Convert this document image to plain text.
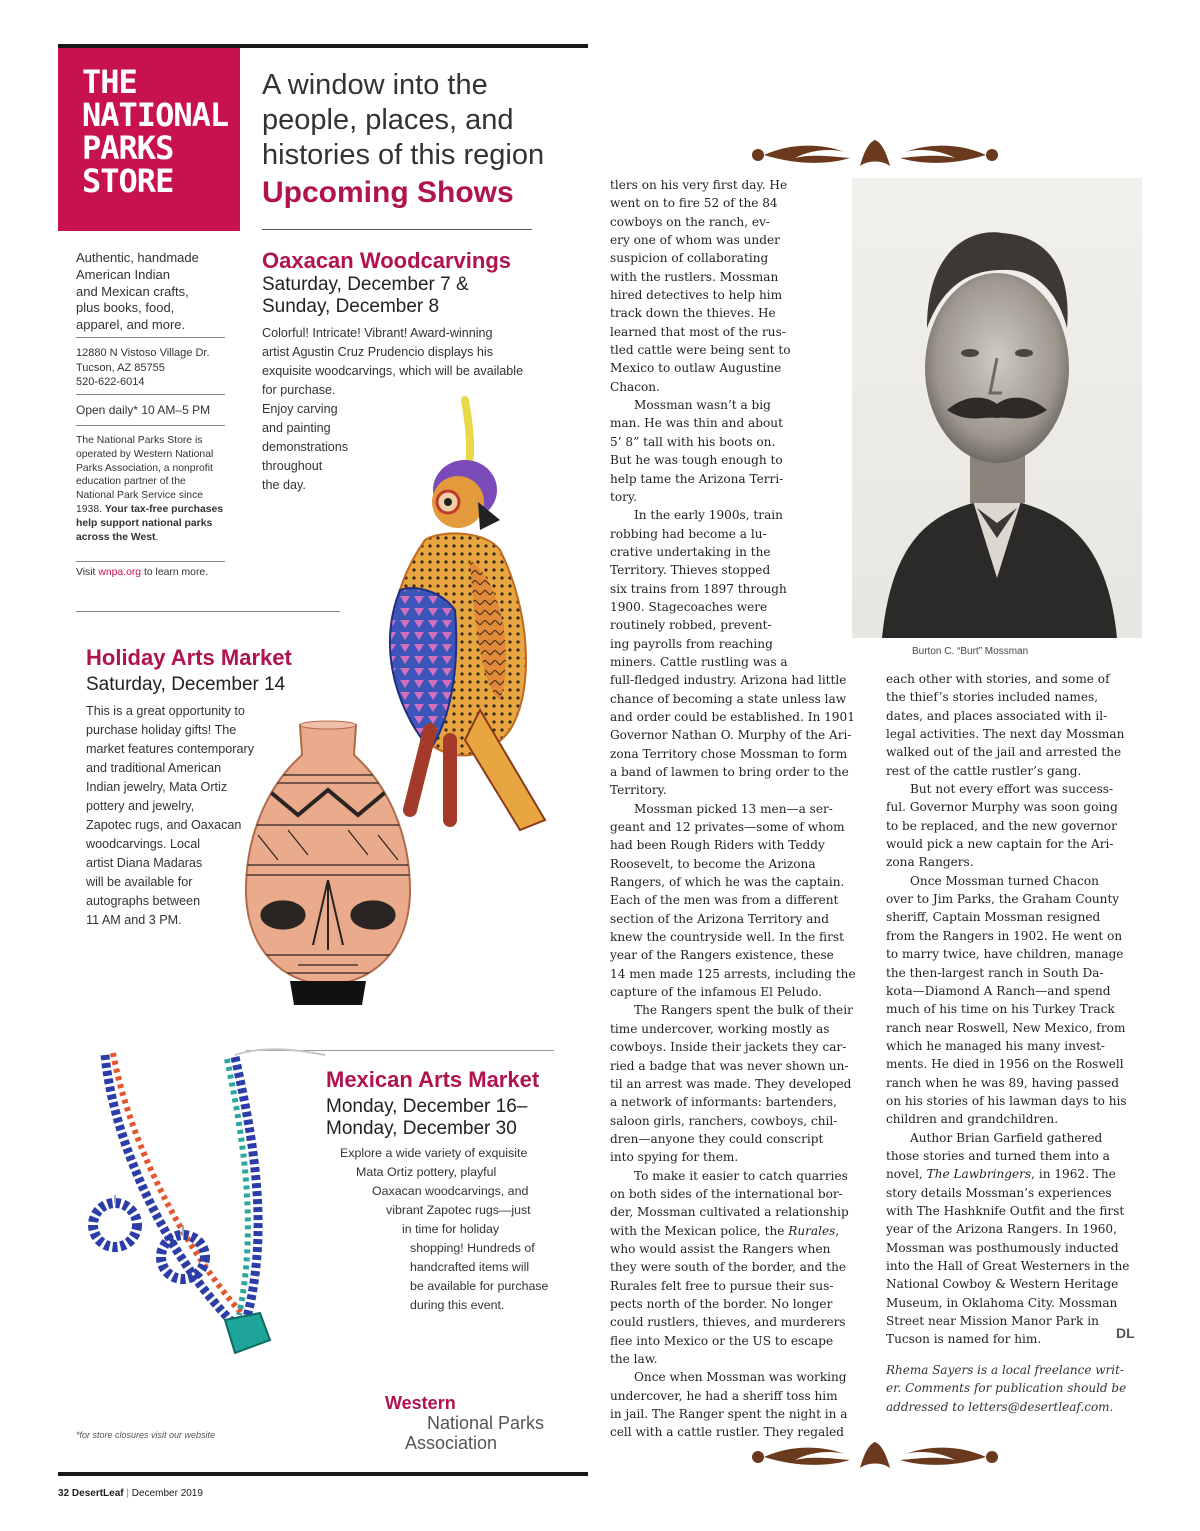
THE
NATIONAL
PARKS
STORE
Authentic, handmade
American Indian
and Mexican crafts,
plus books, food,
apparel, and more.
12880 N Vistoso Village Dr.
Tucson, AZ 85755
520-622-6014
Open daily* 10 AM–5 PM
The National Parks Store is operated by Western National Parks Association, a nonprofit education partner of the National Park Service since 1938. Your tax-free purchases help support national parks across the West.
Visit wnpa.org to learn more.
A window into the
people, places, and
histories of this region
Upcoming Shows
Oaxacan Woodcarvings
Saturday, December 7 &
Sunday, December 8
Colorful! Intricate! Vibrant! Award-winning
artist Agustin Cruz Prudencio displays his
exquisite woodcarvings, which will be available
for purchase.
Enjoy carving
and painting
demonstrations
throughout
the day.
Holiday Arts Market
Saturday, December 14
This is a great opportunity to
purchase holiday gifts! The
market features contemporary
and traditional American
Indian jewelry, Mata Ortiz
pottery and jewelry,
Zapotec rugs, and Oaxacan
woodcarvings. Local
artist Diana Madaras
will be available for
autographs between
11 AM and 3 PM.
Mexican Arts Market
Monday, December 16–
Monday, December 30
Explore a wide variety of exquisite
Mata Ortiz pottery, playful
Oaxacan woodcarvings, and
vibrant Zapotec rugs—just
in time for holiday
shopping! Hundreds of
handcrafted items will
be available for purchase
during this event.
Western
National Parks
Association
*for store closures visit our website
32 DesertLeaf | December 2019
Burton C. “Burt” Mossman

tlers on his very first day. He
went on to fire 52 of the 84
cowboys on the ranch, ev-
ery one of whom was under
suspicion of collaborating
with the rustlers. Mossman
hired detectives to help him
track down the thieves. He
learned that most of the rus-
tled cattle were being sent to
Mexico to outlaw Augustine
Chacon.

Mossman wasn’t a big
man. He was thin and about
5’ 8” tall with his boots on.
But he was tough enough to
help tame the Arizona Terri-
tory.

In the early 1900s, train
robbing had become a lu-
crative undertaking in the
Territory. Thieves stopped
six trains from 1897 through
1900. Stagecoaches were
routinely robbed, prevent-
ing payrolls from reaching
miners. Cattle rustling was a
full-fledged industry. Arizona had little
chance of becoming a state unless law
and order could be established. In 1901
Governor Nathan O. Murphy of the Ari-
zona Territory chose Mossman to form
a band of lawmen to bring order to the
Territory.

Mossman picked 13 men—a ser-
geant and 12 privates—some of whom
had been Rough Riders with Teddy
Roosevelt, to become the Arizona
Rangers, of which he was the captain.
Each of the men was from a different
section of the Arizona Territory and
knew the countryside well. In the first
year of the Rangers existence, these
14 men made 125 arrests, including the
capture of the infamous El Peludo.

The Rangers spent the bulk of their
time undercover, working mostly as
cowboys. Inside their jackets they car-
ried a badge that was never shown un-
til an arrest was made. They developed
a network of informants: bartenders,
saloon girls, ranchers, cowboys, chil-
dren—anyone they could conscript
into spying for them.

To make it easier to catch quarries
on both sides of the international bor-
der, Mossman cultivated a relationship
with the Mexican police, the Rurales,
who would assist the Rangers when
they were south of the border, and the
Rurales felt free to pursue their sus-
pects north of the border. No longer
could rustlers, thieves, and murderers
flee into Mexico or the US to escape
the law.

Once when Mossman was working
undercover, he had a sheriff toss him
in jail. The Ranger spent the night in a
cell with a cattle rustler. They regaled

each other with stories, and some of
the thief’s stories included names,
dates, and places associated with il-
legal activities. The next day Mossman
walked out of the jail and arrested the
rest of the cattle rustler’s gang.

But not every effort was success-
ful. Governor Murphy was soon going
to be replaced, and the new governor
would pick a new captain for the Ari-
zona Rangers.

Once Mossman turned Chacon
over to Jim Parks, the Graham County
sheriff, Captain Mossman resigned
from the Rangers in 1902. He went on
to marry twice, have children, manage
the then-largest ranch in South Da-
kota—Diamond A Ranch—and spend
much of his time on his Turkey Track
ranch near Roswell, New Mexico, from
which he managed his many invest-
ments. He died in 1956 on the Roswell
ranch when he was 89, having passed
on his stories of his lawman days to his
children and grandchildren.

Author Brian Garfield gathered
those stories and turned them into a
novel, The Lawbringers, in 1962. The
story details Mossman’s experiences
with The Hashknife Outfit and the first
year of the Arizona Rangers. In 1960,
Mossman was posthumously inducted
into the Hall of Great Westerners in the
National Cowboy & Western Heritage
Museum, in Oklahoma City. Mossman
Street near Mission Manor Park in
Tucson is named for him.	DL
Rhema Sayers is a local freelance writ-
er. Comments for publication should be
addressed to letters@desertleaf.com.
